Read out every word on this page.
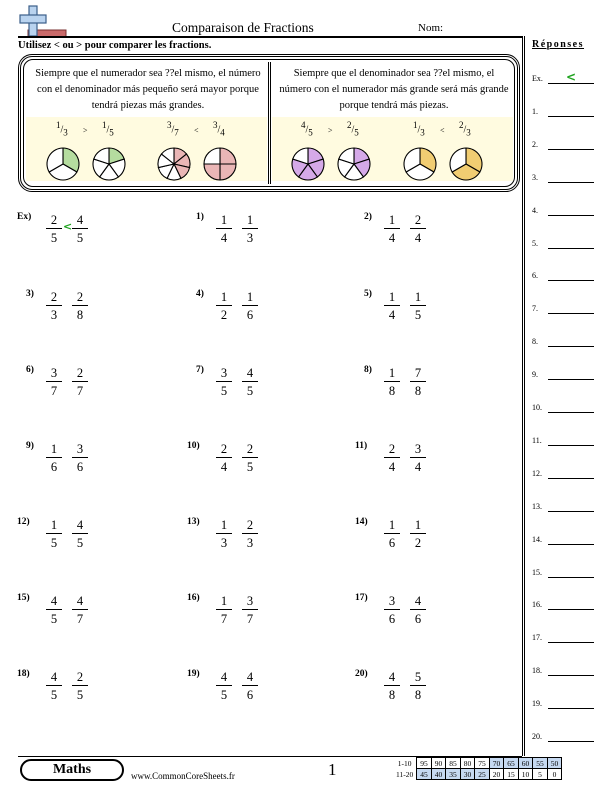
Comparaison de Fractions	Nom:
Utilisez < ou > pour comparer les fractions.
Siempre que el numerador sea ??el mismo, el número con el denominador más pequeño será mayor porque tendrá piezas más grandes.
Siempre que el denominador sea ??el mismo, el número con el numerador más grande será más grande porque tendrá más piezas.
$^1/_3$
$^1/_5$
>
$^3/_7$
$^3/_4$
<
$^4/_5$
$^2/_5$
>
$^1/_3$
$^2/_3$
<
$Ex) \frac{2}{5} \frac{4}{5}$
<
$1) \frac{1}{4} \frac{1}{3}$	$2) \frac{1}{4} \frac{2}{4}$
$3) \frac{2}{3} \frac{2}{8}$	$4) \frac{1}{2} \frac{1}{6}$	$5) \frac{1}{4} \frac{1}{5}$
$6) \frac{3}{7} \frac{2}{7}$	$7) \frac{3}{5} \frac{4}{5}$	$8) \frac{1}{8} \frac{7}{8}$
$9) \frac{1}{6} \frac{3}{6}$	$10) \frac{2}{4} \frac{2}{5}$	$11) \frac{2}{4} \frac{3}{4}$
$12) \frac{1}{5} \frac{4}{5}$	$13) \frac{1}{3} \frac{2}{3}$	$14) \frac{1}{6} \frac{1}{2}$
$15) \frac{4}{5} \frac{4}{7}$	$16) \frac{1}{7} \frac{3}{7}$	$17) \frac{3}{6} \frac{4}{6}$
$18) \frac{4}{5} \frac{2}{5}$	$19) \frac{4}{5} \frac{4}{6}$	$20) \frac{4}{8} \frac{5}{8}$
Réponses
Ex.	<
1.
2.
3.
4.
5.
6.
7.
8.
9.
10.
11.
12.
13.
14.
15.
16.
17.
18.
19.
20.
Maths	www.CommonCoreSheets.fr	1	1-10	95	90	85	80	75	70	65	60	55	50
11-20	45	40	35	30	25	20	15	10	5	0
